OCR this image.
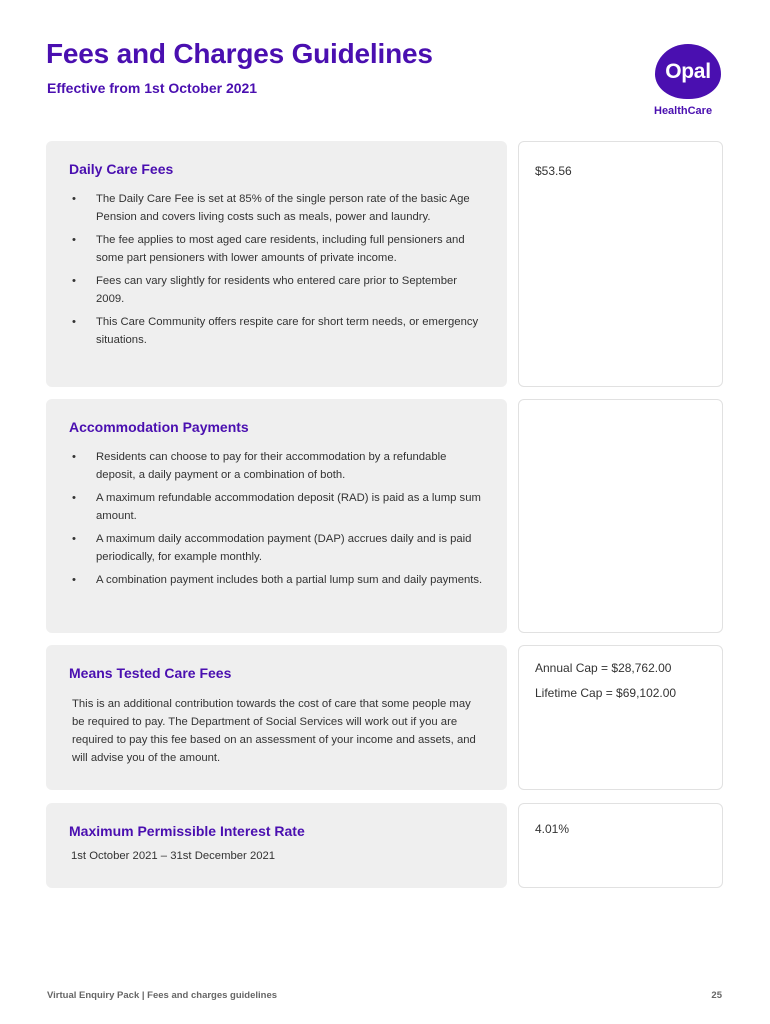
Fees and Charges Guidelines

Effective from 1st October 2021

Opal
HealthCare
Daily Care Fees
• The Daily Care Fee is set at 85% of the single person rate of the basic Age Pension and covers living costs such as meals, power and laundry.
• The fee applies to most aged care residents, including full pensioners and some part pensioners with lower amounts of private income.
• Fees can vary slightly for residents who entered care prior to September 2009.
• This Care Community offers respite care for short term needs, or emergency situations.

$53.56

Accommodation Payments
• Residents can choose to pay for their accommodation by a refundable deposit, a daily payment or a combination of both.
• A maximum refundable accommodation deposit (RAD) is paid as a lump sum amount.
• A maximum daily accommodation payment (DAP) accrues daily and is paid periodically, for example monthly.
• A combination payment includes both a partial lump sum and daily payments.
Means Tested Care Fees

This is an additional contribution towards the cost of care that some people may be required to pay. The Department of Social Services will work out if you are required to pay this fee based on an assessment of your income and assets, and will advise you of the amount.

Annual Cap = $28,762.00

Lifetime Cap = $69,102.00

Maximum Permissible Interest Rate

1st October 2021 – 31st December 2021

4.01%

Virtual Enquiry Pack | Fees and charges guidelines	25
